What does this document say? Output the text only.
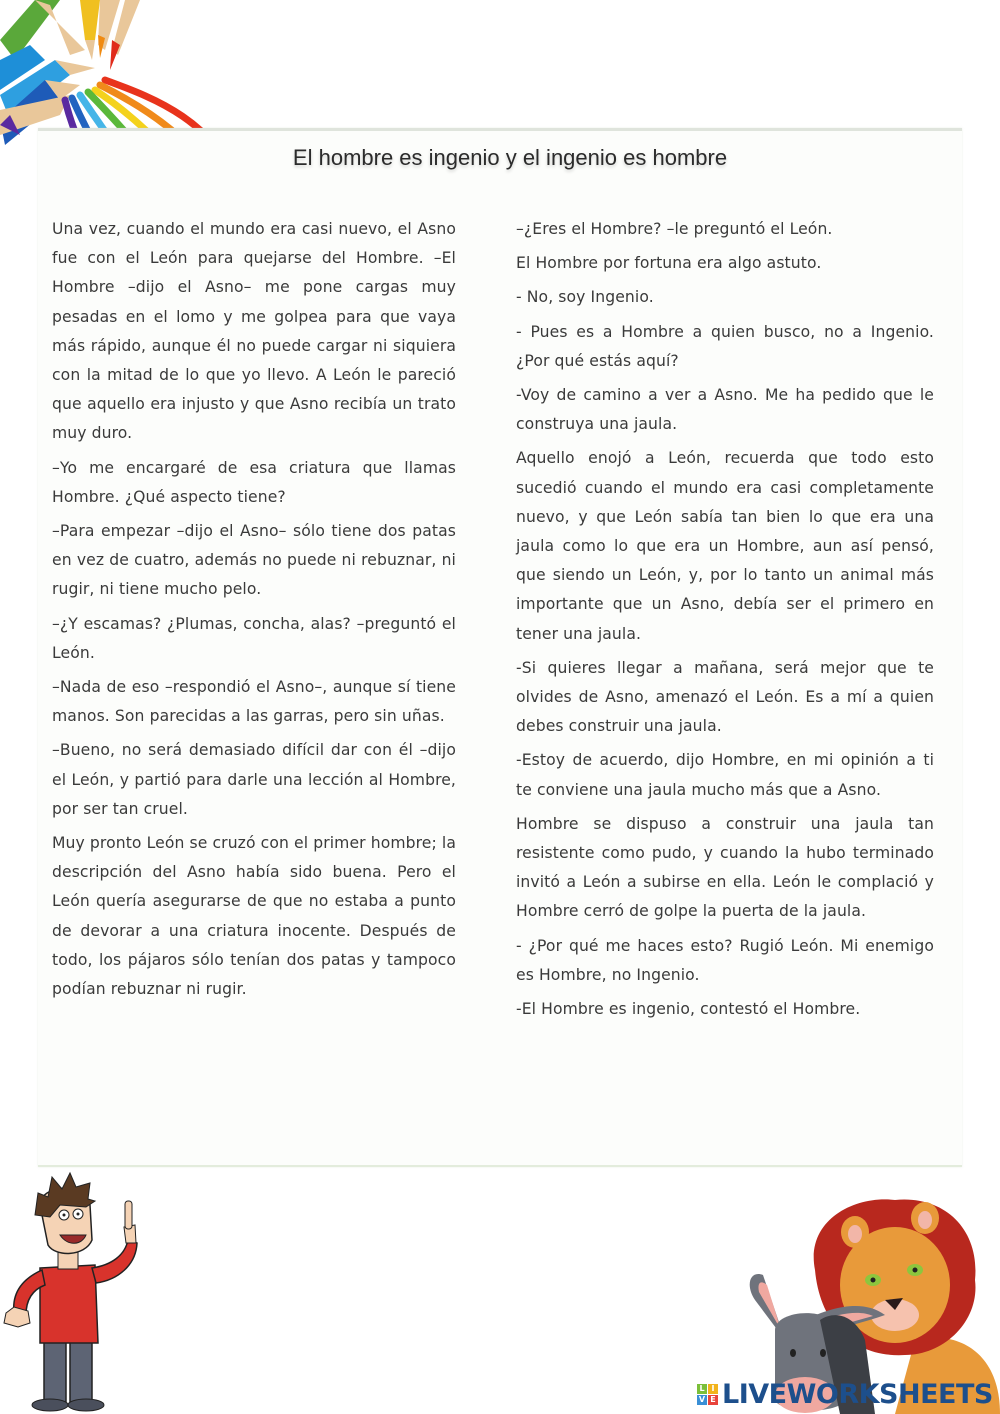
El hombre es ingenio y el ingenio es hombre

Una vez, cuando el mundo era casi nuevo, el Asno fue con el León para quejarse del Hombre. –El Hombre –dijo el Asno– me pone cargas muy pesadas en el lomo y me golpea para que vaya más rápido, aunque él no puede cargar ni siquiera con la mitad de lo que yo llevo. A León le pareció que aquello era injusto y que Asno recibía un trato muy duro.

–Yo me encargaré de esa criatura que llamas Hombre. ¿Qué aspecto tiene?

–Para empezar –dijo el Asno– sólo tiene dos patas en vez de cuatro, además no puede ni rebuznar, ni rugir, ni tiene mucho pelo.

–¿Y escamas? ¿Plumas, concha, alas? –preguntó el León.

–Nada de eso –respondió el Asno–, aunque sí tiene manos. Son parecidas a las garras, pero sin uñas.

–Bueno, no será demasiado difícil dar con él –dijo el León, y partió para darle una lección al Hombre, por ser tan cruel.

Muy pronto León se cruzó con el primer hombre; la descripción del Asno había sido buena. Pero el León quería asegurarse de que no estaba a punto de devorar a una criatura inocente. Después de todo, los pájaros sólo tenían dos patas y tampoco podían rebuznar ni rugir.

–¿Eres el Hombre? –le preguntó el León.

El Hombre por fortuna era algo astuto.

- No, soy Ingenio.

- Pues es a Hombre a quien busco, no a Ingenio. ¿Por qué estás aquí?

-Voy de camino a ver a Asno. Me ha pedido que le construya una jaula.

Aquello enojó a León, recuerda que todo esto sucedió cuando el mundo era casi completamente nuevo, y que León sabía tan bien lo que era una jaula como lo que era un Hombre, aun así pensó, que siendo un León, y, por lo tanto un animal más importante que un Asno, debía ser el primero en tener una jaula.

-Si quieres llegar a mañana, será mejor que te olvides de Asno, amenazó el León. Es a mí a quien debes construir una jaula.

-Estoy de acuerdo, dijo Hombre, en mi opinión a ti te conviene una jaula mucho más que a Asno.

Hombre se dispuso a construir una jaula tan resistente como pudo, y cuando la hubo terminado invitó a León a subirse en ella. León le complació y Hombre cerró de golpe la puerta de la jaula.

- ¿Por qué me haces esto? Rugió León. Mi enemigo es Hombre, no Ingenio.

-El Hombre es ingenio, contestó el Hombre.

L I
V E LIVEWORKSHEETS
